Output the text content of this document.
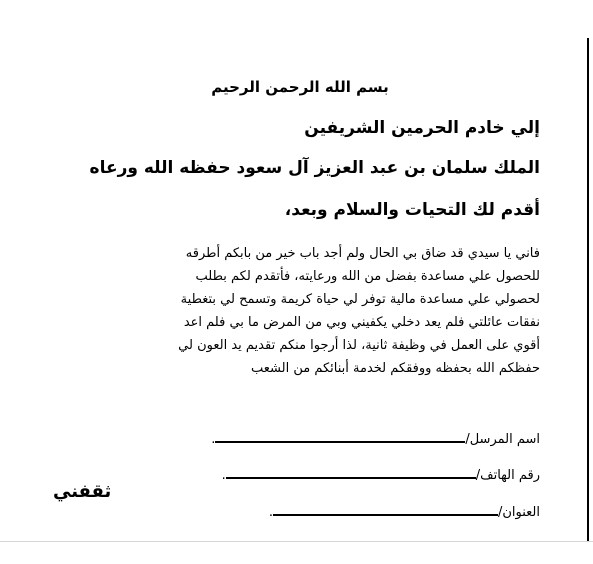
بسم الله الرحمن الرحيم
إلي خادم الحرمين الشريفين
الملك سلمان بن عبد العزيز آل سعود حفظه الله ورعاه
أقدم لك التحيات والسلام وبعد،
فاني يا سيدي قد ضاق بي الحال ولم أجد باب خير من بابكم أطرقه
للحصول علي مساعدة بفضل من الله ورعايته، فأتقدم لكم بطلب
لحصولي علي مساعدة مالية توفر لي حياة كريمة وتسمح لي بتغطية
نفقات عائلتي فلم يعد دخلي يكفيني وبي من المرض ما بي فلم اعد
أقوي على العمل في وظيفة ثانية، لذا أرجوا منكم تقديم يد العون لي
حفظكم الله بحفظه ووفقكم لخدمة أبنائكم من الشعب
اسم المرسل/.
رقم الهاتف/.
العنوان/.
ثقفني
